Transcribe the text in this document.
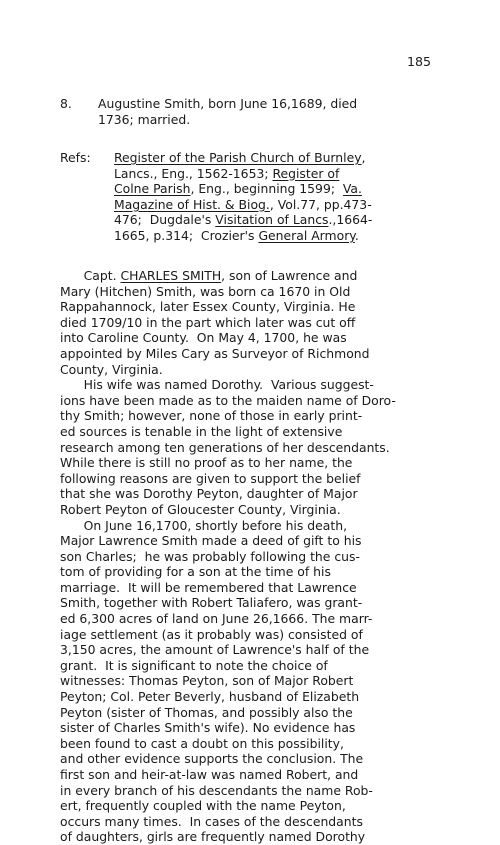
185
8. Augustine Smith, born June 16,1689, died
1736; married.
Refs: Register of the Parish Church of Burnley,
Lancs., Eng., 1562-1653; Register of
Colne Parish, Eng., beginning 1599;  Va.
Magazine of Hist. & Biog., Vol.77, pp.473-
476;  Dugdale's Visitation of Lancs.,1664-
1665, p.314;  Crozier's General Armory.
Capt. CHARLES SMITH, son of Lawrence and
Mary (Hitchen) Smith, was born ca 1670 in Old
Rappahannock, later Essex County, Virginia. He
died 1709/10 in the part which later was cut off
into Caroline County.  On May 4, 1700, he was
appointed by Miles Cary as Surveyor of Richmond
County, Virginia.
His wife was named Dorothy.  Various suggest-
ions have been made as to the maiden name of Doro-
thy Smith; however, none of those in early print-
ed sources is tenable in the light of extensive
research among ten generations of her descendants.
While there is still no proof as to her name, the
following reasons are given to support the belief
that she was Dorothy Peyton, daughter of Major
Robert Peyton of Gloucester County, Virginia.
On June 16,1700, shortly before his death,
Major Lawrence Smith made a deed of gift to his
son Charles;  he was probably following the cus-
tom of providing for a son at the time of his
marriage.  It will be remembered that Lawrence
Smith, together with Robert Taliafero, was grant-
ed 6,300 acres of land on June 26,1666. The marr-
iage settlement (as it probably was) consisted of
3,150 acres, the amount of Lawrence's half of the
grant.  It is significant to note the choice of
witnesses: Thomas Peyton, son of Major Robert
Peyton; Col. Peter Beverly, husband of Elizabeth
Peyton (sister of Thomas, and possibly also the
sister of Charles Smith's wife). No evidence has
been found to cast a doubt on this possibility,
and other evidence supports the conclusion. The
first son and heir-at-law was named Robert, and
in every branch of his descendants the name Rob-
ert, frequently coupled with the name Peyton,
occurs many times.  In cases of the descendants
of daughters, girls are frequently named Dorothy
